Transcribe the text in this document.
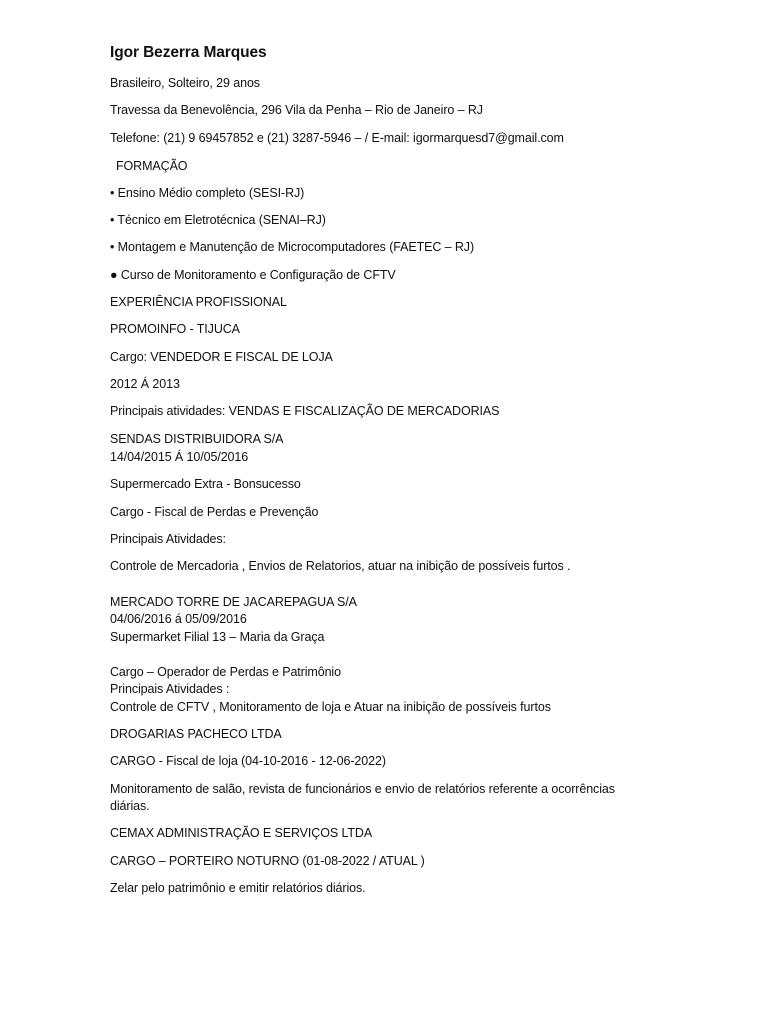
Igor Bezerra Marques
Brasileiro, Solteiro, 29 anos
Travessa da Benevolência, 296 Vila da Penha – Rio de Janeiro – RJ
Telefone: (21) 9 69457852 e (21) 3287-5946 – / E-mail: igormarquesd7@gmail.com
FORMAÇÃO
• Ensino Médio completo (SESI-RJ)
• Técnico em Eletrotécnica (SENAI–RJ)
• Montagem e Manutenção de Microcomputadores (FAETEC – RJ)
● Curso de Monitoramento e Configuração de CFTV
EXPERIÊNCIA PROFISSIONAL
PROMOINFO - TIJUCA
Cargo: VENDEDOR E FISCAL DE LOJA
2012 Á 2013
Principais atividades: VENDAS E FISCALIZAÇÃO DE MERCADORIAS
SENDAS DISTRIBUIDORA S/A
14/04/2015 Á 10/05/2016
Supermercado Extra - Bonsucesso
Cargo - Fiscal de Perdas e Prevenção
Principais Atividades:
Controle de Mercadoria , Envios de Relatorios, atuar na inibição de possíveis furtos .
MERCADO TORRE DE JACAREPAGUA S/A
04/06/2016 á 05/09/2016
Supermarket Filial 13 – Maria da Graça
Cargo – Operador de Perdas e Patrimônio
Principais Atividades :
Controle de CFTV , Monitoramento de loja e Atuar na inibição de possíveis furtos
DROGARIAS PACHECO LTDA
CARGO - Fiscal de loja (04-10-2016 - 12-06-2022)
Monitoramento de salão, revista de funcionários e envio de relatórios referente a ocorrências
diárias.
CEMAX ADMINISTRAÇÃO E SERVIÇOS LTDA
CARGO – PORTEIRO NOTURNO (01-08-2022 / ATUAL )
Zelar pelo patrimônio e emitir relatórios diários.
